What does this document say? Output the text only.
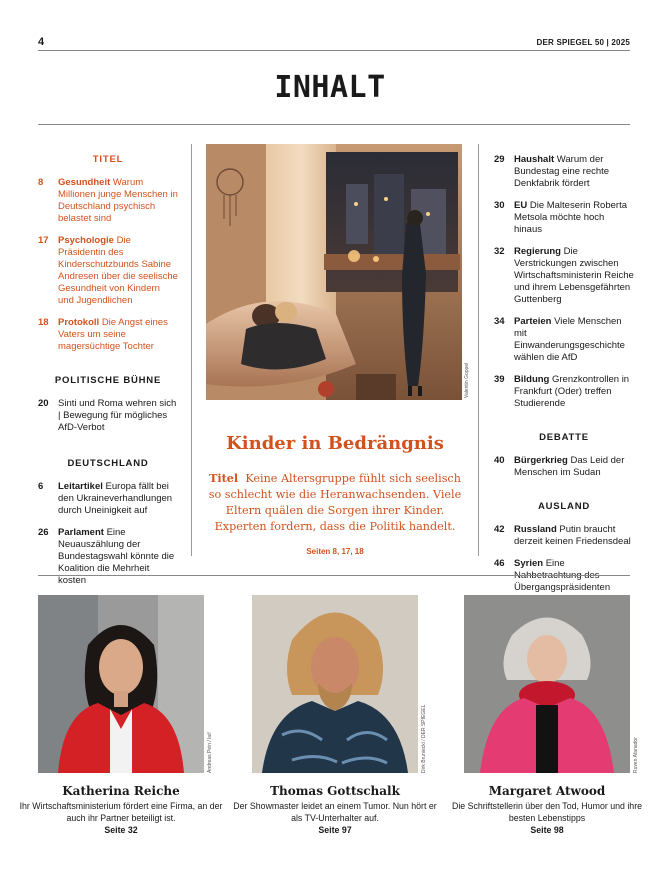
4	DER SPIEGEL 50 | 2025
INHALT
TITEL
8	Gesundheit Warum Millionen junge Menschen in Deutschland psychisch belastet sind
17 Psychologie Die Präsidentin des Kinderschutzbunds Sabine Andresen über die seelische Gesundheit von Kindern und Jugendlichen
18 Protokoll Die Angst eines Vaters um seine magersüchtige Tochter
POLITISCHE BÜHNE
20 Sinti und Roma wehren sich | Bewegung für mögliches AfD-Verbot
DEUTSCHLAND
6	Leitartikel Europa fällt bei den Ukraineverhandlungen durch Uneinigkeit auf
26 Parlament Eine Neuauszählung der Bundestagswahl könnte die Koalition die Mehrheit kosten
Valentin Goppel
Kinder in Bedrängnis
Titel Keine Altersgruppe fühlt sich seelisch so schlecht wie die Heranwachsenden. Viele Eltern quälen die Sorgen ihrer Kinder. Experten fordern, dass die Politik handelt.
Seiten 8, 17, 18
29 Haushalt Warum der Bundestag eine rechte Denkfabrik fördert
30 EU Die Malteserin Roberta Metsola möchte hoch hinaus
32 Regierung Die Verstrickungen zwischen Wirtschaftsministerin Reiche und ihrem Lebensgefährten Guttenberg
34 Parteien Viele Menschen mit Einwanderungsgeschichte wählen die AfD
39 Bildung Grenzkontrollen in Frankfurt (Oder) treffen Studierende
DEBATTE
40 Bürgerkrieg Das Leid der Menschen im Sudan
AUSLAND
42 Russland Putin braucht derzeit keinen Friedensdeal
46 Syrien Eine Nahbetrachtung des Übergangspräsidenten
Andreas Pein / laif	Dirk Bruniecki / DER SPIEGEL	Ruven Afanador
Katherina Reiche
Ihr Wirtschaftsministerium fördert eine Firma, an der auch ihr Partner beteiligt ist.
Seite 32
Thomas Gottschalk
Der Showmaster leidet an einem Tumor. Nun hört er als TV-Unterhalter auf.
Seite 97
Margaret Atwood
Die Schriftstellerin über den Tod, Humor und ihre besten Lebenstipps
Seite 98
